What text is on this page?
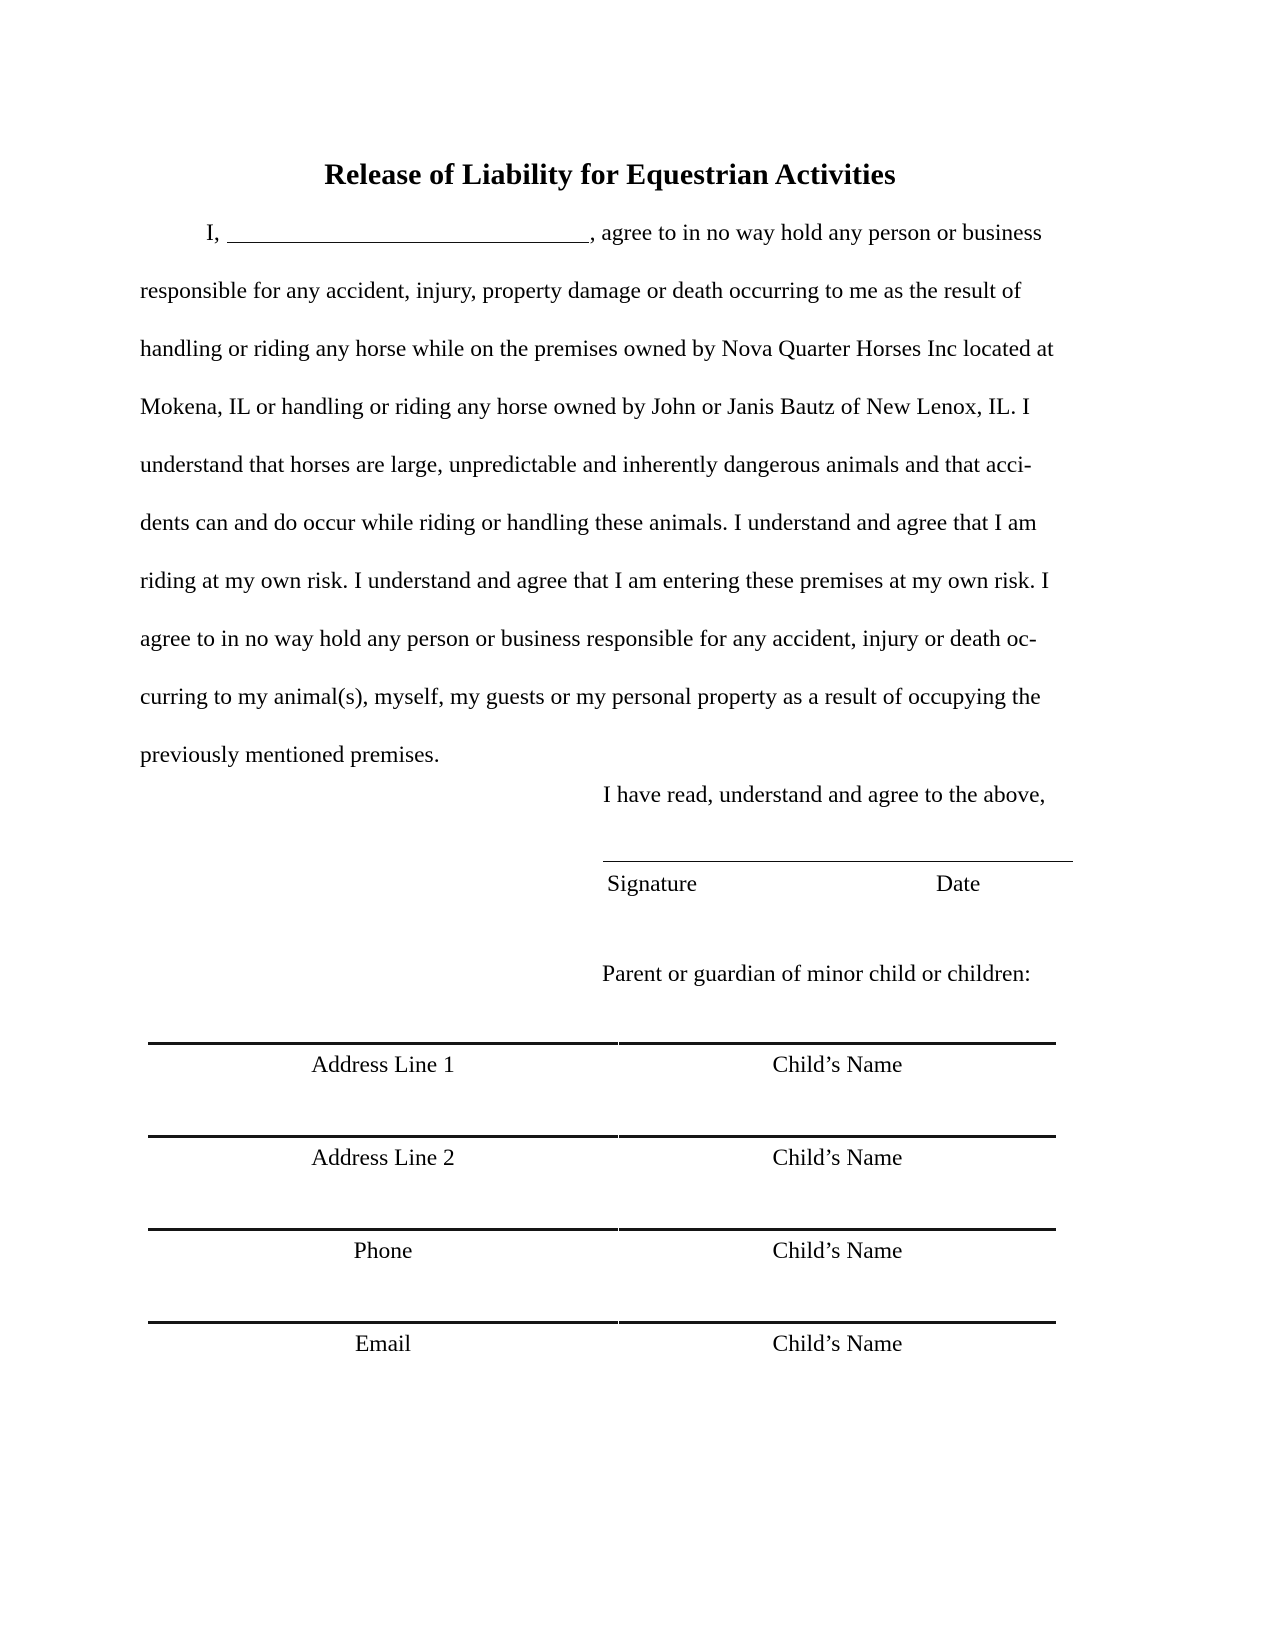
Release of Liability for Equestrian Activities
I,	, agree to in no way hold any person or business
responsible for any accident, injury, property damage or death occurring to me as the result of
handling or riding any horse while on the premises owned by Nova Quarter Horses Inc located at
Mokena, IL or handling or riding any horse owned by John or Janis Bautz of New Lenox, IL. I
understand that horses are large, unpredictable and inherently dangerous animals and that acci-
dents can and do occur while riding or handling these animals. I understand and agree that I am
riding at my own risk. I understand and agree that I am entering these premises at my own risk. I
agree to in no way hold any person or business responsible for any accident, injury or death oc-
curring to my animal(s), myself, my guests or my personal property as a result of occupying the
previously mentioned premises.
I have read, understand and agree to the above,
Signature	Date
Parent or guardian of minor child or children:
Address Line 1	Child’s Name
Address Line 2	Child’s Name
Phone	Child’s Name
Email	Child’s Name
